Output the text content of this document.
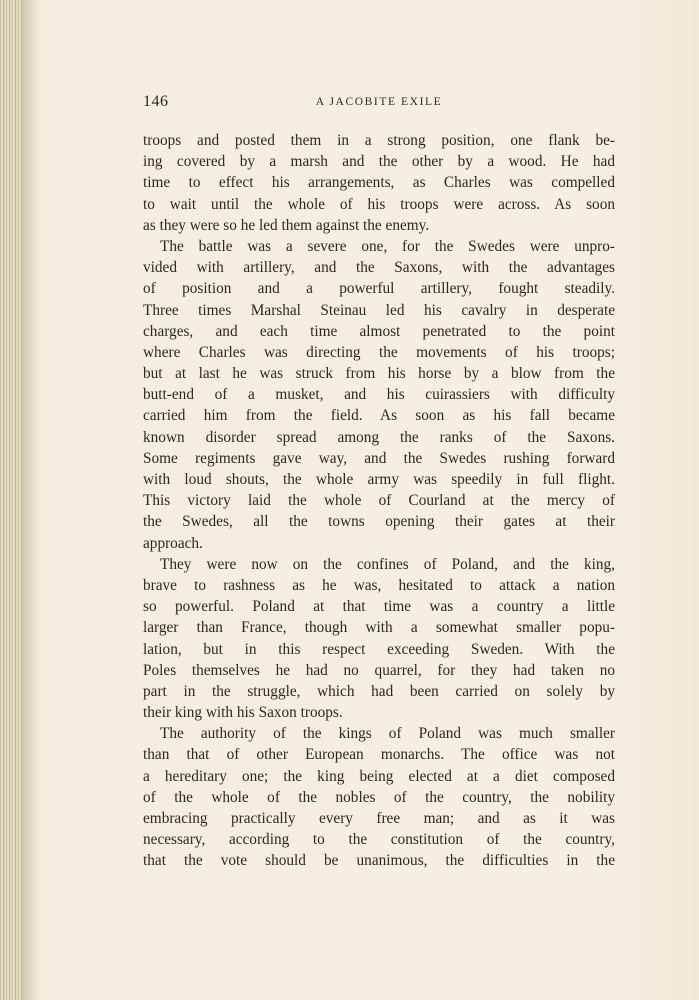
146	A JACOBITE EXILE
troops and posted them in a strong position, one flank be-
ing covered by a marsh and the other by a wood. He had
time to effect his arrangements, as Charles was compelled
to wait until the whole of his troops were across. As soon
as they were so he led them against the enemy.
The battle was a severe one, for the Swedes were unpro-
vided with artillery, and the Saxons, with the advantages
of position and a powerful artillery, fought steadily.
Three times Marshal Steinau led his cavalry in desperate
charges, and each time almost penetrated to the point
where Charles was directing the movements of his troops;
but at last he was struck from his horse by a blow from the
butt-end of a musket, and his cuirassiers with difficulty
carried him from the field. As soon as his fall became
known disorder spread among the ranks of the Saxons.
Some regiments gave way, and the Swedes rushing forward
with loud shouts, the whole army was speedily in full flight.
This victory laid the whole of Courland at the mercy of
the Swedes, all the towns opening their gates at their
approach.
They were now on the confines of Poland, and the king,
brave to rashness as he was, hesitated to attack a nation
so powerful. Poland at that time was a country a little
larger than France, though with a somewhat smaller popu-
lation, but in this respect exceeding Sweden. With the
Poles themselves he had no quarrel, for they had taken no
part in the struggle, which had been carried on solely by
their king with his Saxon troops.
The authority of the kings of Poland was much smaller
than that of other European monarchs. The office was not
a hereditary one; the king being elected at a diet composed
of the whole of the nobles of the country, the nobility
embracing practically every free man; and as it was
necessary, according to the constitution of the country,
that the vote should be unanimous, the difficulties in the
